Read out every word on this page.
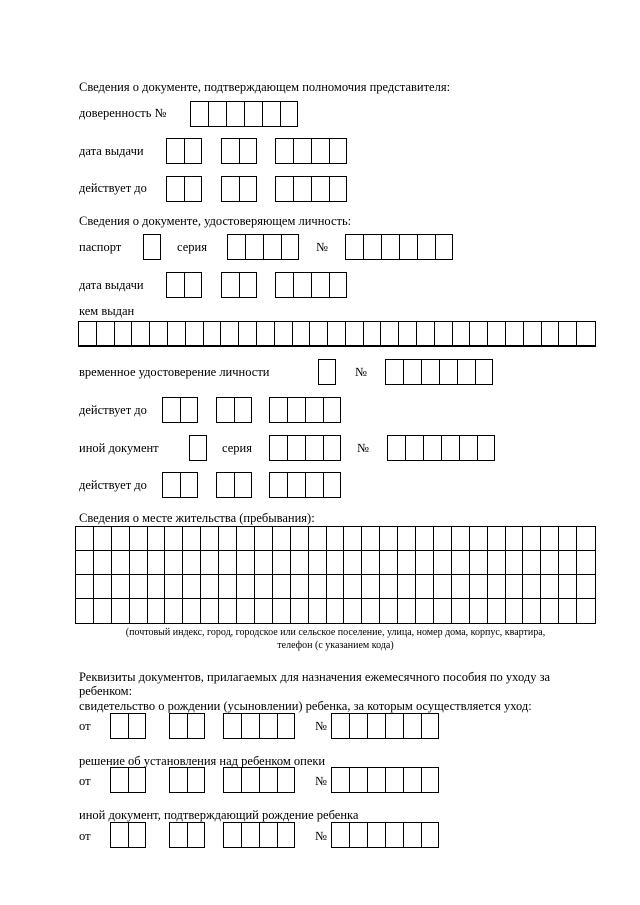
Сведения о документе, подтверждающем полномочия представителя:
доверенность №
дата выдачи
действует до
Сведения о документе, удостоверяющем личность:
паспорт	серия	№
дата выдачи
кем выдан
временное удостоверение личности	№
действует до
иной документ	серия	№
действует до
Сведения о месте жительства (пребывания):
(почтовый индекс, город, городское или сельское поселение, улица, номер дома, корпус, квартира,
телефон (с указанием кода)
Реквизиты документов, прилагаемых для назначения ежемесячного пособия по уходу за
ребенком:
свидетельство о рождении (усыновлении) ребенка, за которым осуществляется уход:
от	№
решение об установления над ребенком опеки
от	№
иной документ, подтверждающий рождение ребенка
от	№
